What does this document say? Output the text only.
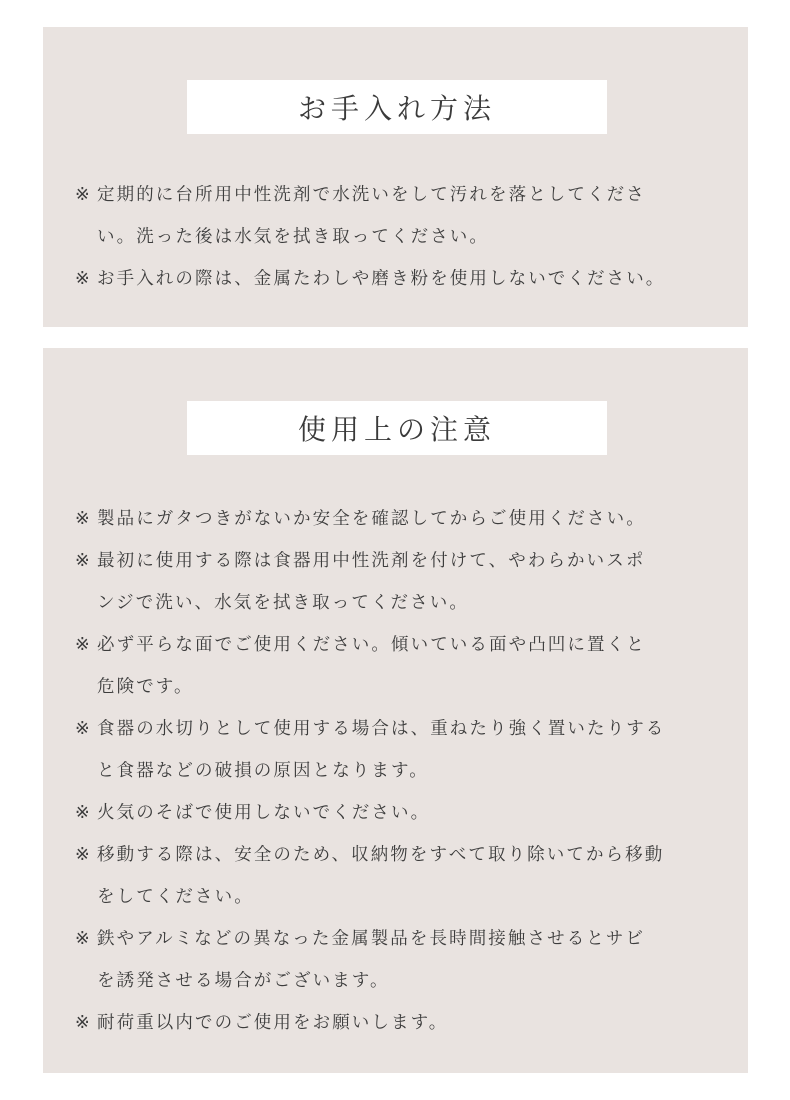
お手入れ方法
※ 定期的に台所用中性洗剤で水洗いをして汚れを落としてくださ
い。洗った後は水気を拭き取ってください。
※ お手入れの際は、金属たわしや磨き粉を使用しないでください。
使用上の注意
※ 製品にガタつきがないか安全を確認してからご使用ください。
※ 最初に使用する際は食器用中性洗剤を付けて、やわらかいスポ
ンジで洗い、水気を拭き取ってください。
※ 必ず平らな面でご使用ください。傾いている面や凸凹に置くと
危険です。
※ 食器の水切りとして使用する場合は、重ねたり強く置いたりする
と食器などの破損の原因となります。
※ 火気のそばで使用しないでください。
※ 移動する際は、安全のため、収納物をすべて取り除いてから移動
をしてください。
※ 鉄やアルミなどの異なった金属製品を長時間接触させるとサビ
を誘発させる場合がございます。
※ 耐荷重以内でのご使用をお願いします。
